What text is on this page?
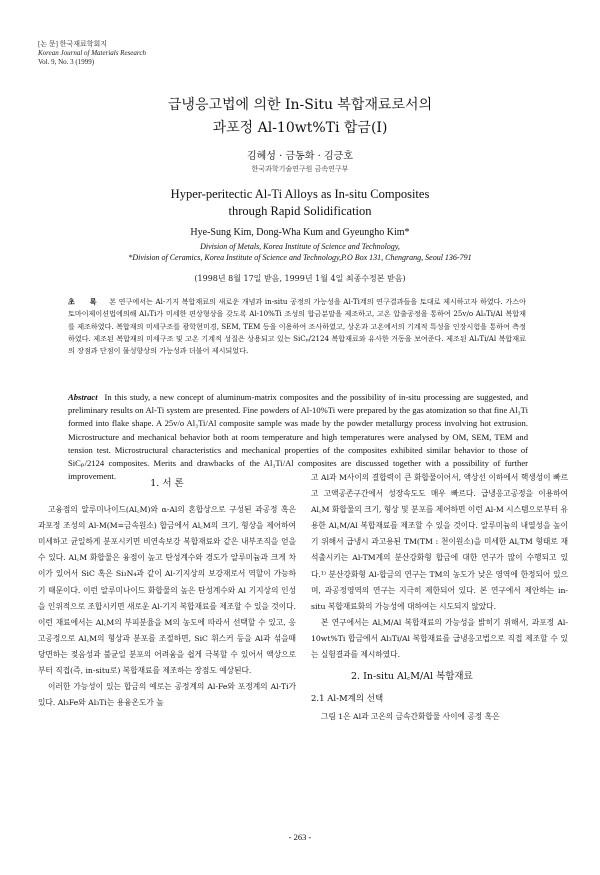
[논 문] 한국재료학회지
Korean Journal of Materials Research
Vol. 9, No. 3 (1999)
급냉응고법에 의한 In-Situ 복합재료로서의
과포정 Al-10wt%Ti 합금(Ⅰ)
김혜성 · 금동화 · 김긍호
한국과학기술연구원 금속연구부
Hyper-peritectic Al-Ti Alloys as In-situ Composites
through Rapid Solidification
Hye-Sung Kim, Dong-Wha Kum and Gyeungho Kim*
Division of Metals, Korea Institute of Science and Technology,
*Division of Ceramics, Korea Institute of Science and Technology,P.O Box 131, Chengrang, Seoul 136-791
(1998년 8월 17일 받음, 1999년 1월 4일 최종수정본 받음)
초 록 본 연구에서는 Al-기지 복합재료의 새로운 개념과 in-situ 공정의 가능성을 Al-Ti계의 연구결과들을 토대로 제시하고자 하였다. 가스아토마이제이션법에의해 Al₃Ti가 미세한 편상형상을 갖도록 Al-10%Ti 조성의 합금분말을 제조하고, 고온 압출공정을 통하여 25v/o Al₃Ti/Al 복합재를 제조하였다. 복합재의 미세구조를 광학현미경, SEM, TEM 등을 이용하여 조사하였고, 상온과 고온에서의 기계적 특성을 인장시험을 통하여 측정하였다. 제조된 복합재의 미세구조 및 고온 기계적 성질은 상용되고 있는 SiCₚ/2124 복합재료와 유사한 거동을 보여준다. 제조된 Al₃Ti/Al 복합재료의 장점과 단점이 물성향상의 가능성과 더불어 제시되었다.
Abstract In this study, a new concept of aluminum-matrix composites and the possibility of in-situ processing are suggested, and preliminary results on Al-Ti system are presented. Fine powders of Al-10%Ti were prepared by the gas atomization so that fine Al₃Ti formed into flake shape. A 25v/o Al₃Ti/Al composite sample was made by the powder metallurgy process involving hot extrusion. Microstructure and mechanical behavior both at room temperature and high temperatures were analysed by OM, SEM, TEM and tension test. Microstructural characteristics and mechanical properties of the composites exhibited similar behavior to those of SiCₚ/2124 composites. Merits and drawbacks of the Al₃Ti/Al composites are discussed together with a possibility of further improvement.
1. 서 론

고융점의 알루미나이드(Al꜀M)와 α-Al의 혼합상으로 구성된 과공정 혹은 과포정 조성의 Al-M(M=금속원소) 합금에서 Al꜀M의 크기, 형상을 제어하여 미세하고 균일하게 분포시키면 비연속보강 복합재료와 같은 내부조직을 얻을 수 있다. Al꜀M 화합물은 융점이 높고 탄성계수와 경도가 알루미늄과 크게 차이가 있어서 SiC 혹은 Si₃N₄과 같이 Al-기지상의 보강재로서 역할이 가능하기 때문이다. 이런 알루미나이드 화합물의 높은 탄성계수와 Al 기지상의 인성을 인위적으로 조합시키면 새로운 Al-기지 복합재료를 제조할 수 있을 것이다. 이런 재료에서는 Al꜀M의 부피분율을 M의 농도에 따라서 선택할 수 있고, 응고공정으로 Al꜀M의 형상과 분포를 조절하면, SiC 휘스커 등을 Al과 섞을때 당면하는 젖음성과 불균일 분포의 어려움을 쉽게 극복할 수 있어서 액상으로부터 직접(즉, in-situ로) 복합재료를 제조하는 장점도 예상된다.

이러한 가능성이 있는 합금의 예로는 공정계의 Al-Fe와 포정계의 Al-Ti가 있다. Al₃Fe와 Al₃Ti는 용융온도가 높

고 Al과 M사이의 결합력이 큰 화합물이어서, 액상선 이하에서 핵생성이 빠르고 고액공존구간에서 성장속도도 매우 빠르다. 급냉응고공정을 이용하여 Al꜀M 화합물의 크기, 형상 및 분포를 제어하면 이런 Al-M 시스템으로부터 유용한 Al꜀M/Al 복합재료를 제조할 수 있을 것이다. 알루미늄의 내열성을 높이기 위해서 급냉시 과고용된 TM(TM : 천이원소)을 미세한 Al꜀TM 형태로 재석출시키는 Al-TM계의 분산강화형 합금에 대한 연구가 많이 수행되고 있다.¹⁾ 분산강화형 Al-합금의 연구는 TM의 농도가 낮은 영역에 한정되어 있으며, 과공정영역의 연구는 지극히 제한되어 있다. 본 연구에서 제안하는 in-situ 복합재료화의 가능성에 대하여는 시도되지 않았다.

본 연구에서는 Al꜀M/Al 복합재료의 가능성을 밝히기 위해서, 과포정 Al-10wt%Ti 합금에서 Al₃Ti/Al 복합재료를 급냉응고법으로 직접 제조할 수 있는 실험결과를 제시하였다.

2. In-situ Al꜀M/Al 복합재료
2.1 Al-M계의 선택

그림 1은 Al과 고온의 금속간화합물 사이에 공정 혹은

- 263 -
